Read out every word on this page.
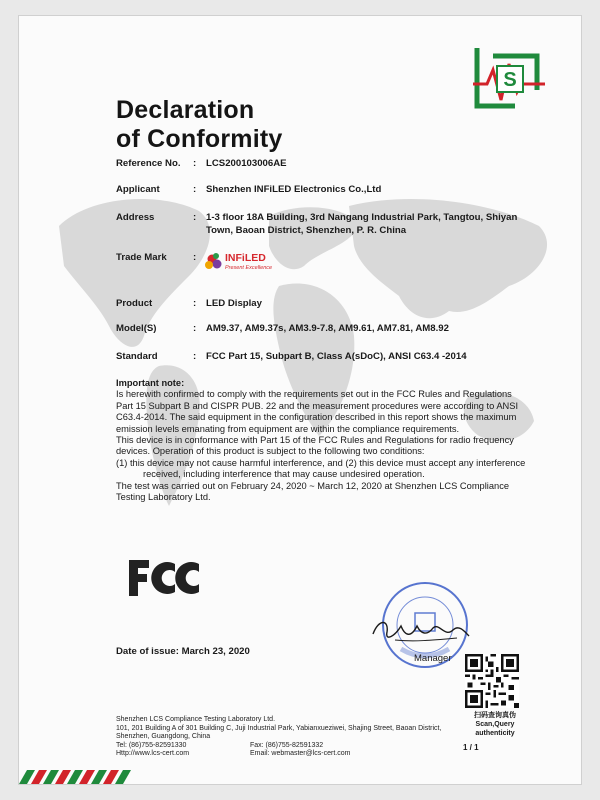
S
Declaration
of Conformity
Reference No.	: LCS200103006AE
Applicant	: Shenzhen INFiLED Electronics Co.,Ltd
Address	: 1-3 floor 18A Building, 3rd Nangang Industrial Park, Tangtou, Shiyan Town, Baoan District, Shenzhen, P. R. China
Trade Mark	:	INFiLED
Present Excellence
Product	: LED Display
Model(S)	: AM9.37, AM9.37s, AM3.9-7.8, AM9.61, AM7.81, AM8.92
Standard	: FCC Part 15, Subpart B, Class A(sDoC), ANSI C63.4 -2014

Important note:

Is herewith confirmed to comply with the requirements set out in the FCC Rules and Regulations Part 15 Subpart B and CISPR PUB. 22 and the measurement procedures were according to ANSI C63.4-2014. The said equipment in the configuration described in this report shows the maximum emission levels emanating from equipment are within the compliance requirements.

This device is in conformance with Part 15 of the FCC Rules and Regulations for radio frequency devices. Operation of this product is subject to the following two conditions:

(1) this device may not cause harmful interference, and (2) this device must accept any interference received, including interference that may cause undesired operation.

The test was carried out on February 24, 2020 ~ March 12, 2020 at Shenzhen LCS Compliance Testing Laboratory Ltd.

Manager
Date of issue: March 23, 2020
扫码查询真伪
Scan,Query authenticity
Shenzhen LCS Compliance Testing Laboratory Ltd.
101, 201 Building A of 301 Building C, Juji Industrial Park, Yabianxueziwei, Shajing Street, Baoan District, Shenzhen, Guangdong, China
Tel: (86)755-82591330	Fax: (86)755-82591332
Http://www.lcs-cert.com	Email: webmaster@lcs-cert.com
1 / 1
